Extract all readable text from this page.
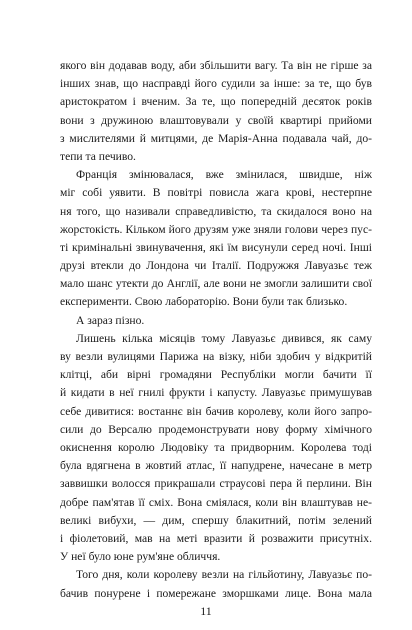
якого він додавав воду, аби збільшити вагу. Та він не гірше за
інших знав, що насправді його судили за інше: за те, що був
аристократом і вченим. За те, що попередній десяток років
вони з дружиною влаштовували у своїй квартирі прийоми
з мислителями й митцями, де Марія-Анна подавала чай, до-
тепи та печиво.
Франція змінювалася, вже змінилася, швидше, ніж
міг собі уявити. В повітрі повисла жага крові, нестерпне
ня того, що називали справедливістю, та скидалося воно на
жорстокість. Кільком його друзям уже зняли голови через пус-
ті кримінальні звинувачення, які їм висунули серед ночі. Інші
друзі втекли до Лондона чи Італії. Подружжя Лавуазьє теж
мало шанс утекти до Англії, але вони не змогли залишити свої
експерименти. Свою лабораторію. Вони були так близько.
А зараз пізно.
Лишень кілька місяців тому Лавуазьє дивився, як саму
ву везли вулицями Парижа на візку, ніби здобич у відкритій
клітці, аби вірні громадяни Республіки могли бачити її
й кидати в неї гнилі фрукти і капусту. Лавуазьє примушував
себе дивитися: востаннє він бачив королеву, коли його запро-
сили до Версалю продемонструвати нову форму хімічного
окиснення королю Людовіку та придворним. Королева тоді
була вдягнена в жовтий атлас, її напудрене, начесане в метр
заввишки волосся прикрашали страусові пера й перлини. Він
добре пам'ятав її сміх. Вона сміялася, коли він влаштував не-
великі вибухи, — дим, спершу блакитний, потім зелений
і фіолетовий, мав на меті вразити й розважити присутніх.
У неї було юне рум'яне обличчя.
Того дня, коли королеву везли на гільйотину, Лавуазьє по-
бачив понурене і помережане зморшками лице. Вона мала
11
